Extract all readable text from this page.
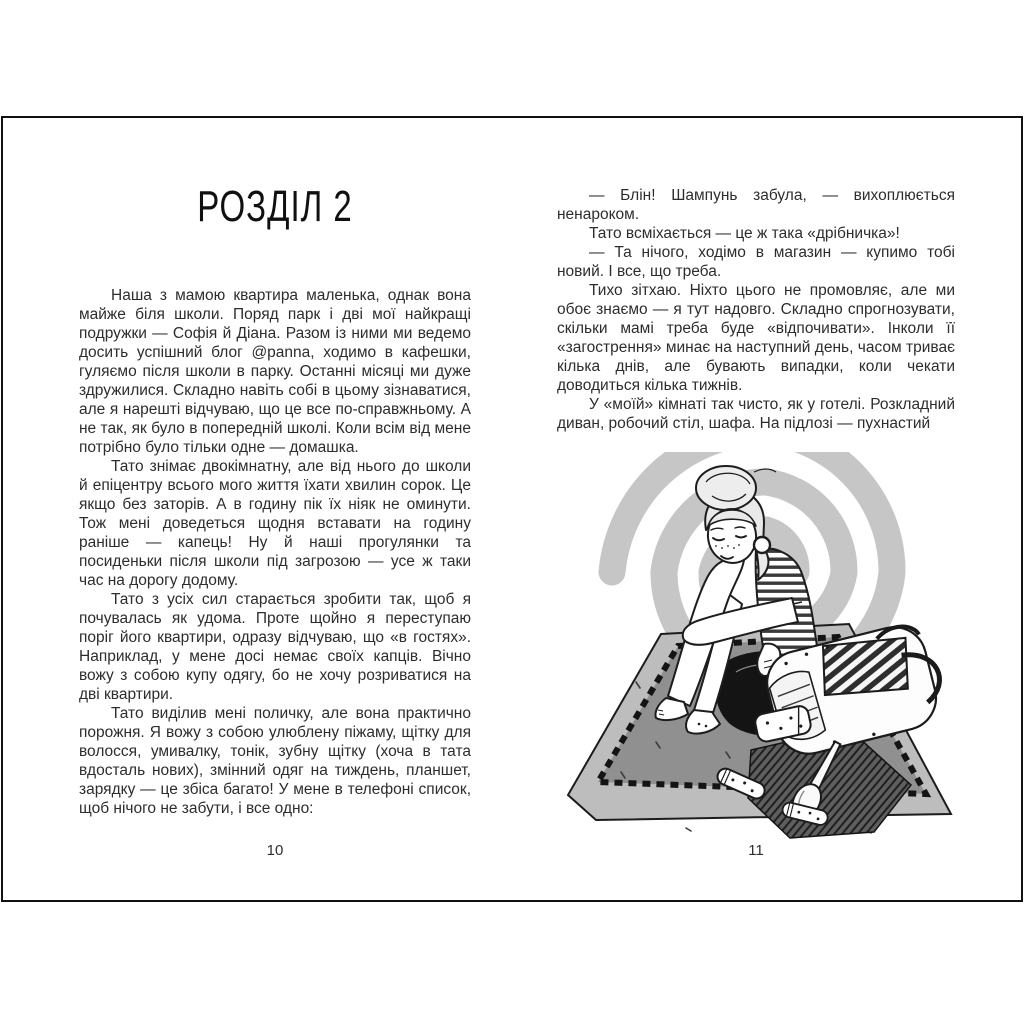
РОЗДІЛ 2

Наша з мамою квартира маленька, однак вона майже біля школи. Поряд парк і дві мої найкращі подружки — Софія й Діана. Разом із ними ми ведемо досить успішний блог @panna, ходимо в кафешки, гуляємо після школи в парку. Останні місяці ми дуже здружилися. Складно навіть собі в цьому зізнаватися, але я нарешті відчуваю, що це все по-справжньому. А не так, як було в попередній школі. Коли всім від мене потрібно було тільки одне — домашка.

Тато знімає двокімнатну, але від нього до школи й епіцентру всього мого життя їхати хвилин сорок. Це якщо без заторів. А в годину пік їх ніяк не оминути. Тож мені доведеться щодня вставати на годину раніше — капець! Ну й наші прогулянки та посиденьки після школи під загрозою — усе ж таки час на дорогу додому.

Тато з усіх сил старається зробити так, щоб я почувалась як удома. Проте щойно я переступаю поріг його квартири, одразу відчуваю, що «в гостях». Наприклад, у мене досі немає своїх капців. Вічно вожу з собою купу одягу, бо не хочу розриватися на дві квартири.

Тато виділив мені поличку, але вона практично порожня. Я вожу з собою улюблену піжаму, щітку для волосся, умивалку, тонік, зубну щітку (хоча в тата вдосталь нових), змінний одяг на тиждень, планшет, зарядку — це збіса багато! У мене в телефоні список, щоб нічого не забути, і все одно:

10

— Блін! Шампунь забула, — вихоплюється ненароком.

Тато всміхається — це ж така «дрібничка»!

— Та нічого, ходімо в магазин — купимо тобі новий. І все, що треба.

Тихо зітхаю. Ніхто цього не промовляє, але ми обоє знаємо — я тут надовго. Складно спрогнозувати, скільки мамі треба буде «відпочивати». Інколи її «загострення» минає на наступний день, часом триває кілька днів, але бувають випадки, коли чекати доводиться кілька тижнів.

У «моїй» кімнаті так чисто, як у готелі. Розкладний диван, робочий стіл, шафа. На підлозі — пухнастий

11
